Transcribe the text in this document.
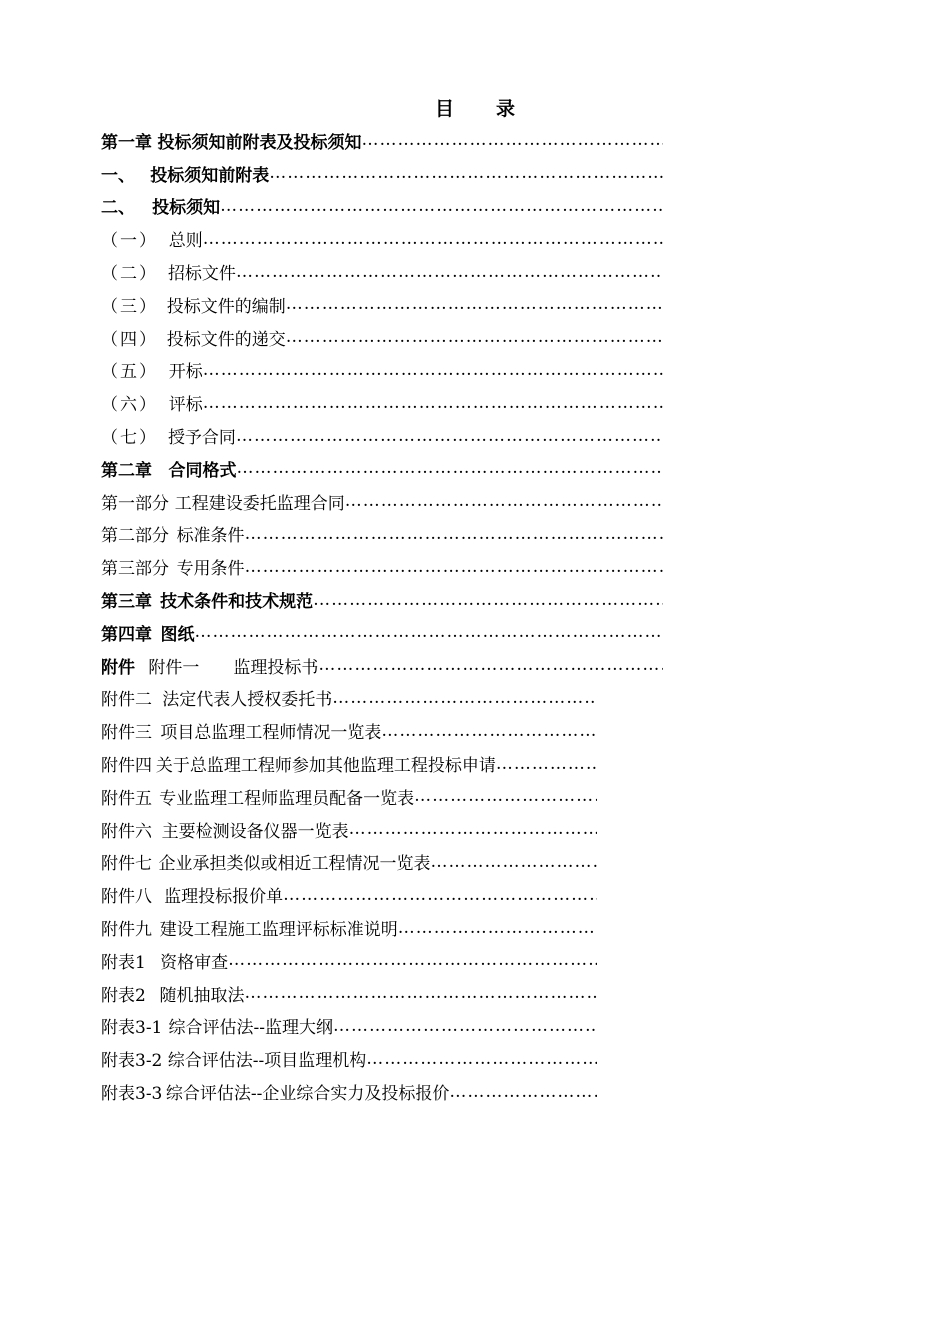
目 录
第一章 投标须知前附表及投标须知
…………………………………………………………………………………………………………………
一、 投标须知前附表
…………………………………………………………………………………………………………………
二、 投标须知
…………………………………………………………………………………………………………………
（一） 总则
…………………………………………………………………………………………………………………
（二） 招标文件
…………………………………………………………………………………………………………………
（三） 投标文件的编制
…………………………………………………………………………………………………………………
（四） 投标文件的递交
…………………………………………………………………………………………………………………
（五） 开标
…………………………………………………………………………………………………………………
（六） 评标
…………………………………………………………………………………………………………………
（七） 授予合同
…………………………………………………………………………………………………………………
第二章 合同格式
…………………………………………………………………………………………………………………
第一部分 工程建设委托监理合同
…………………………………………………………………………………………………………………
第二部分 标准条件
…………………………………………………………………………………………………………………
第三部分 专用条件
…………………………………………………………………………………………………………………
第三章 技术条件和技术规范
…………………………………………………………………………………………………………………
第四章 图纸
…………………………………………………………………………………………………………………
附件 附件一　　监理投标书
…………………………………………………………………………………………………………………
附件二 法定代表人授权委托书
…………………………………………………………………………………………………………………
附件三 项目总监理工程师情况一览表
…………………………………………………………………………………………………………………
附件四 关于总监理工程师参加其他监理工程投标申请
…………………………………………………………………………………………………………………
附件五 专业监理工程师监理员配备一览表
…………………………………………………………………………………………………………………
附件六 主要检测设备仪器一览表
…………………………………………………………………………………………………………………
附件七 企业承担类似或相近工程情况一览表
…………………………………………………………………………………………………………………
附件八 监理投标报价单
…………………………………………………………………………………………………………………
附件九 建设工程施工监理评标标准说明
…………………………………………………………………………………………………………………
附表1 资格审查
…………………………………………………………………………………………………………………
附表2 随机抽取法
…………………………………………………………………………………………………………………
附表3-1 综合评估法--监理大纲
…………………………………………………………………………………………………………………
附表3-2 综合评估法--项目监理机构
…………………………………………………………………………………………………………………
附表3-3 综合评估法--企业综合实力及投标报价
…………………………………………………………………………………………………………………
